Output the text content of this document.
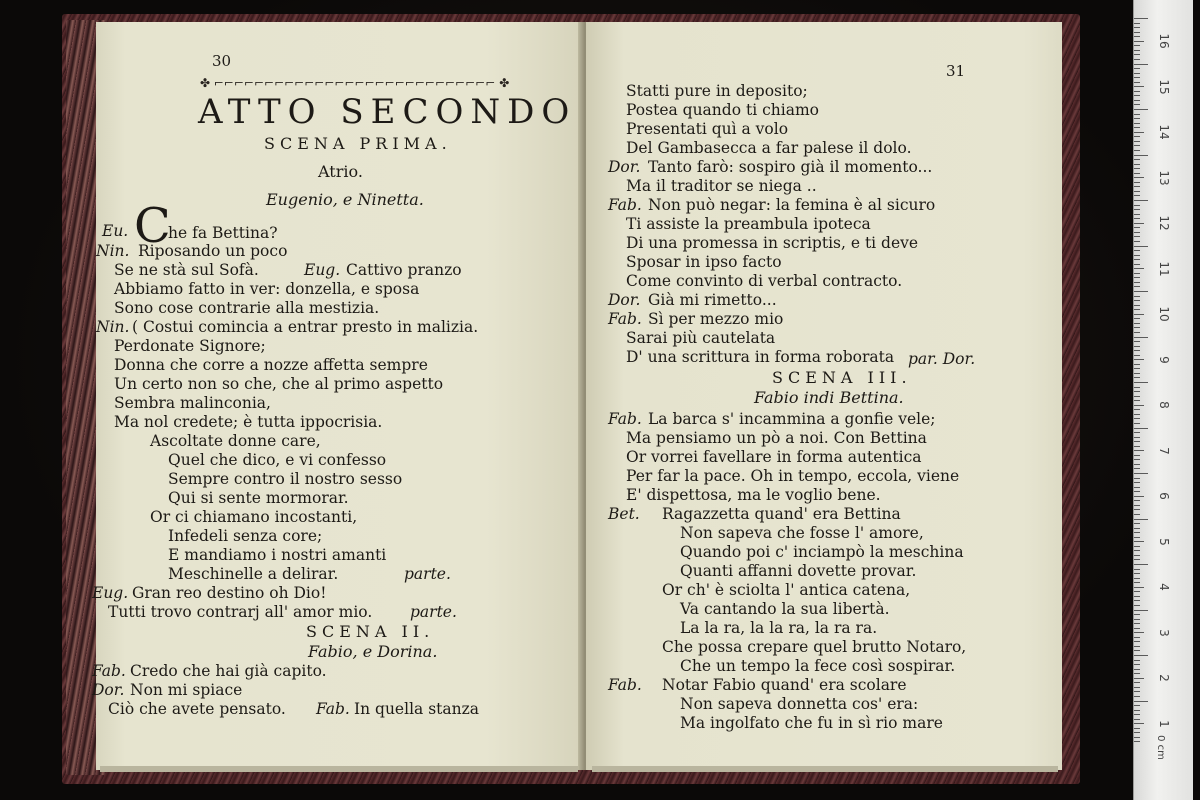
30
✤ ⌐⌐⌐⌐⌐⌐⌐⌐⌐⌐⌐⌐⌐⌐⌐⌐⌐⌐⌐⌐⌐⌐⌐⌐⌐⌐⌐⌐ ✤
ATTO SECONDO
SCENA PRIMA.
Atrio.
Eugenio, e Ninetta.
Eu. C
he fa Bettina?
Nin. Riposando un poco
Se ne stà sul Sofà.	Eug. Cattivo pranzo
Abbiamo fatto in ver: donzella, e sposa
Sono cose contrarie alla mestizia.
Nin. ( Costui comincia a entrar presto in malizia.
Perdonate Signore;
Donna che corre a nozze affetta sempre
Un certo non so che, che al primo aspetto
Sembra malinconia,
Ma nol credete; è tutta ippocrisia.
Ascoltate donne care,
Quel che dico, e vi confesso
Sempre contro il nostro sesso
Qui si sente mormorar.
Or ci chiamano incostanti,
Infedeli senza core;
E mandiamo i nostri amanti
Meschinelle a delirar.	parte.
Eug. Gran reo destino oh Dio!
Tutti trovo contrarj all' amor mio. parte.
SCENA II.
Fabio, e Dorina.
Fab. Credo che hai già capito.
Dor. Non mi spiace
Ciò che avete pensato. Fab. In quella stanza
31
Statti pure in deposito;
Postea quando ti chiamo
Presentati quì a volo
Del Gambasecca a far palese il dolo.
Dor. Tanto farò: sospiro già il momento...
Ma il traditor se niega ..
Fab. Non può negar: la femina è al sicuro
Ti assiste la preambula ipoteca
Di una promessa in scriptis, e ti deve
Sposar in ipso facto
Come convinto di verbal contracto.
Dor. Già mi rimetto...
Fab. Sì per mezzo mio
Sarai più cautelata
D' una scrittura in forma roborata par. Dor.
SCENA III.
Fabio indi Bettina.
Fab. La barca s' incammina a gonfie vele;
Ma pensiamo un pò a noi. Con Bettina
Or vorrei favellare in forma autentica
Per far la pace. Oh in tempo, eccola, viene
E' dispettosa, ma le voglio bene.
Bet. Ragazzetta quand' era Bettina
Non sapeva che fosse l' amore,
Quando poi c' inciampò la meschina
Quanti affanni dovette provar.
Or ch' è sciolta l' antica catena,
Va cantando la sua libertà.
La la ra, la la ra, la ra ra.
Che possa crepare quel brutto Notaro,
Che un tempo la fece così sospirar.
Fab. Notar Fabio quand' era scolare
Non sapeva donnetta cos' era:
Ma ingolfato che fu in sì rio mare
0 cm
16
15
14
13
12
11
10
9
8
7
6
5
4
3
2
1
